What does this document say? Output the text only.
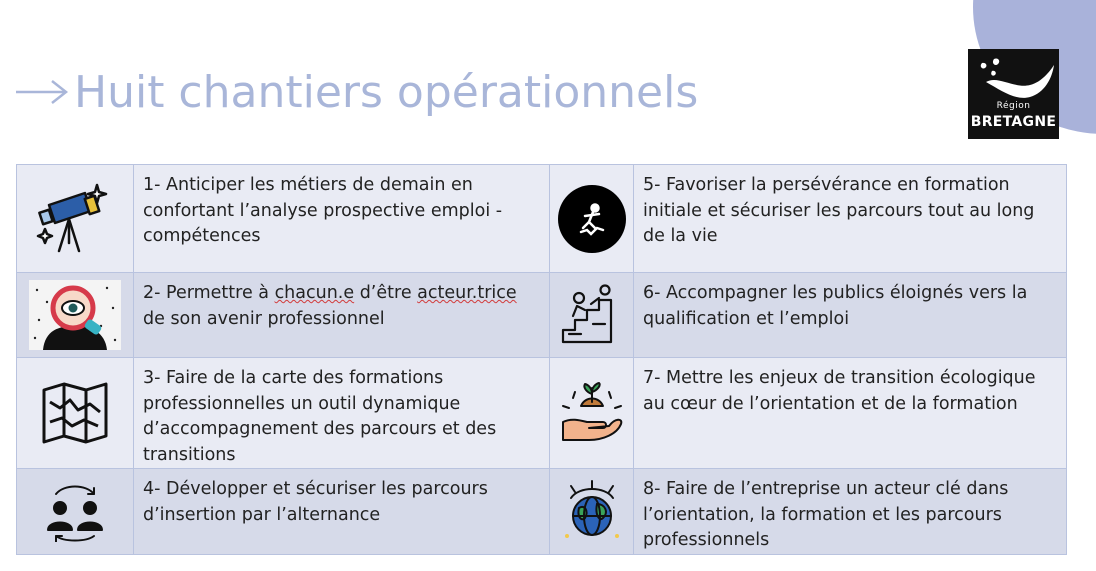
Région
BRETAGNE
Huit chantiers opérationnels

1- Anticiper les métiers de demain en confortant l’analyse prospective emploi - compétences		5- Favoriser la persévérance en formation initiale et sécuriser les parcours tout au long de la vie

2- Permettre à chacun.e d’être acteur.trice de son avenir professionnel		6- Accompagner les publics éloignés vers la qualification et l’emploi

3- Faire de la carte des formations professionnelles un outil dynamique d’accompagnement des parcours et des transitions		7- Mettre les enjeux de transition écologique au cœur de l’orientation et de la formation

4- Développer et sécuriser les parcours d’insertion par l’alternance		8- Faire de l’entreprise un acteur clé dans l’orientation, la formation et les parcours professionnels
